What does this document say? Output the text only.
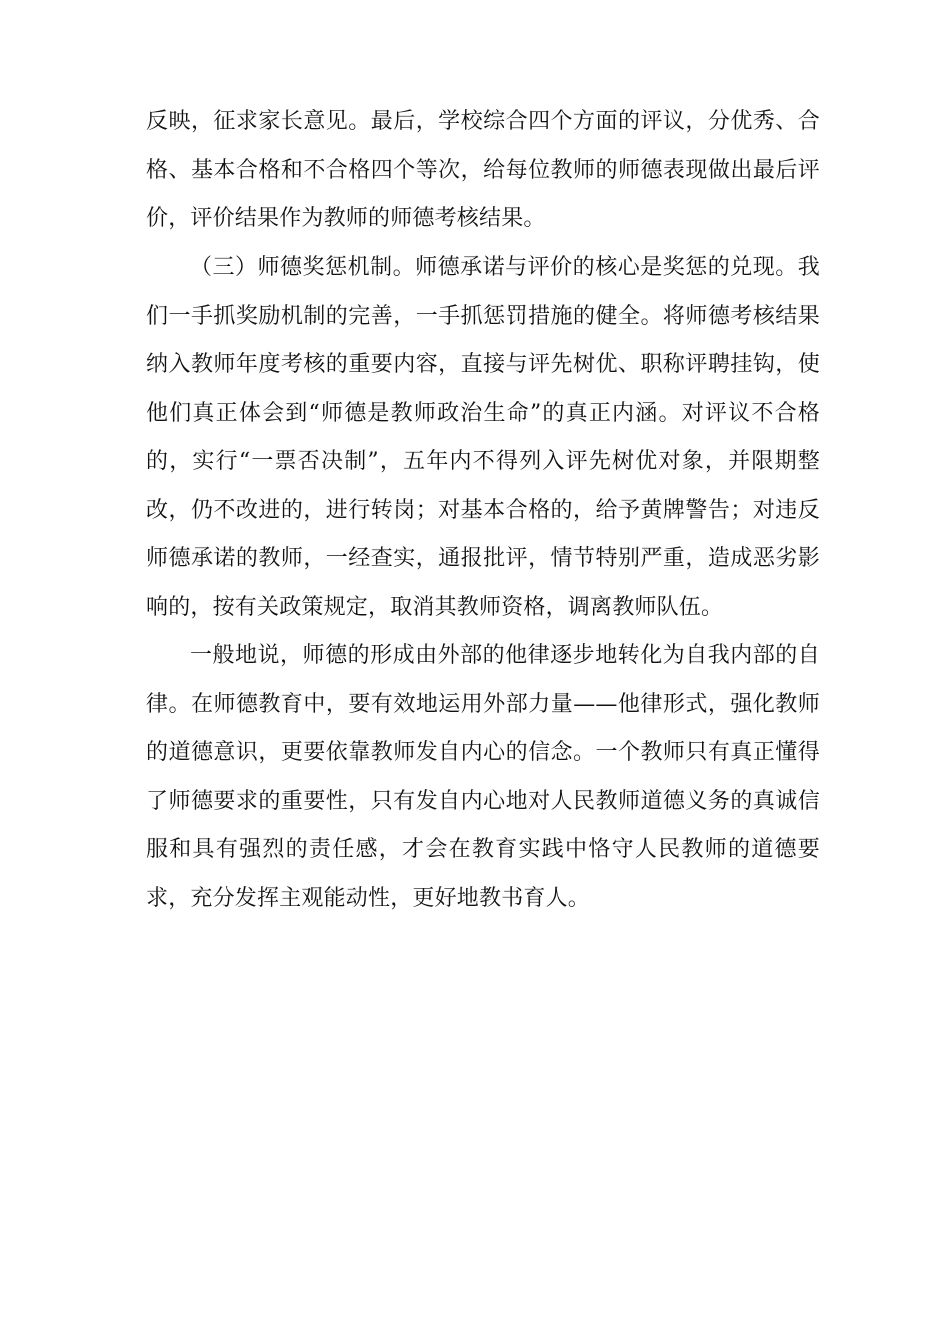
反映，征求家长意见。最后，学校综合四个方面的评议，分优秀、合
格、基本合格和不合格四个等次，给每位教师的师德表现做出最后评
价，评价结果作为教师的师德考核结果。
（三）师德奖惩机制。师德承诺与评价的核心是奖惩的兑现。我
们一手抓奖励机制的完善，一手抓惩罚措施的健全。将师德考核结果
纳入教师年度考核的重要内容，直接与评先树优、职称评聘挂钩，使
他们真正体会到“师德是教师政治生命”的真正内涵。对评议不合格
的，实行“一票否决制”，五年内不得列入评先树优对象，并限期整
改，仍不改进的，进行转岗；对基本合格的，给予黄牌警告；对违反
师德承诺的教师，一经查实，通报批评，情节特别严重，造成恶劣影
响的，按有关政策规定，取消其教师资格，调离教师队伍。
一般地说，师德的形成由外部的他律逐步地转化为自我内部的自
律。在师德教育中，要有效地运用外部力量——他律形式，强化教师
的道德意识，更要依靠教师发自内心的信念。一个教师只有真正懂得
了师德要求的重要性，只有发自内心地对人民教师道德义务的真诚信
服和具有强烈的责任感，才会在教育实践中恪守人民教师的道德要
求，充分发挥主观能动性，更好地教书育人。
